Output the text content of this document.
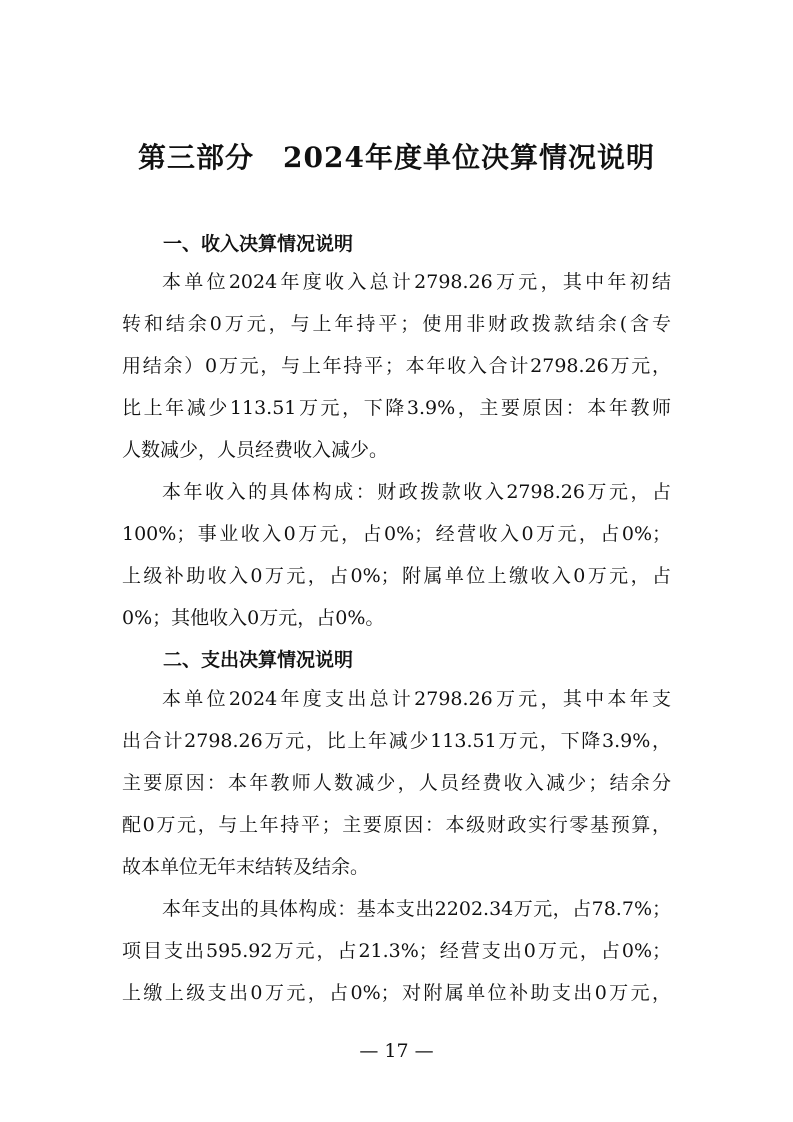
第三部分　2024年度单位决算情况说明
一、收入决算情况说明
本单位2024年度收入总计2798.26万元，其中年初结
转和结余0万元，与上年持平；使用非财政拨款结余(含专
用结余）0万元，与上年持平；本年收入合计2798.26万元，
比上年减少113.51万元，下降3.9%，主要原因：本年教师
人数减少，人员经费收入减少。
本年收入的具体构成：财政拨款收入2798.26万元，占
100%；事业收入0万元，占0%；经营收入0万元，占0%；
上级补助收入0万元，占0%；附属单位上缴收入0万元，占
0%；其他收入0万元，占0%。
二、支出决算情况说明
本单位2024年度支出总计2798.26万元，其中本年支
出合计2798.26万元，比上年减少113.51万元，下降3.9%，
主要原因：本年教师人数减少，人员经费收入减少；结余分
配0万元，与上年持平；主要原因：本级财政实行零基预算，
故本单位无年末结转及结余。
本年支出的具体构成：基本支出2202.34万元，占78.7%；
项目支出595.92万元，占21.3%；经营支出0万元，占0%；
上缴上级支出0万元，占0%；对附属单位补助支出0万元，
— 17 —
